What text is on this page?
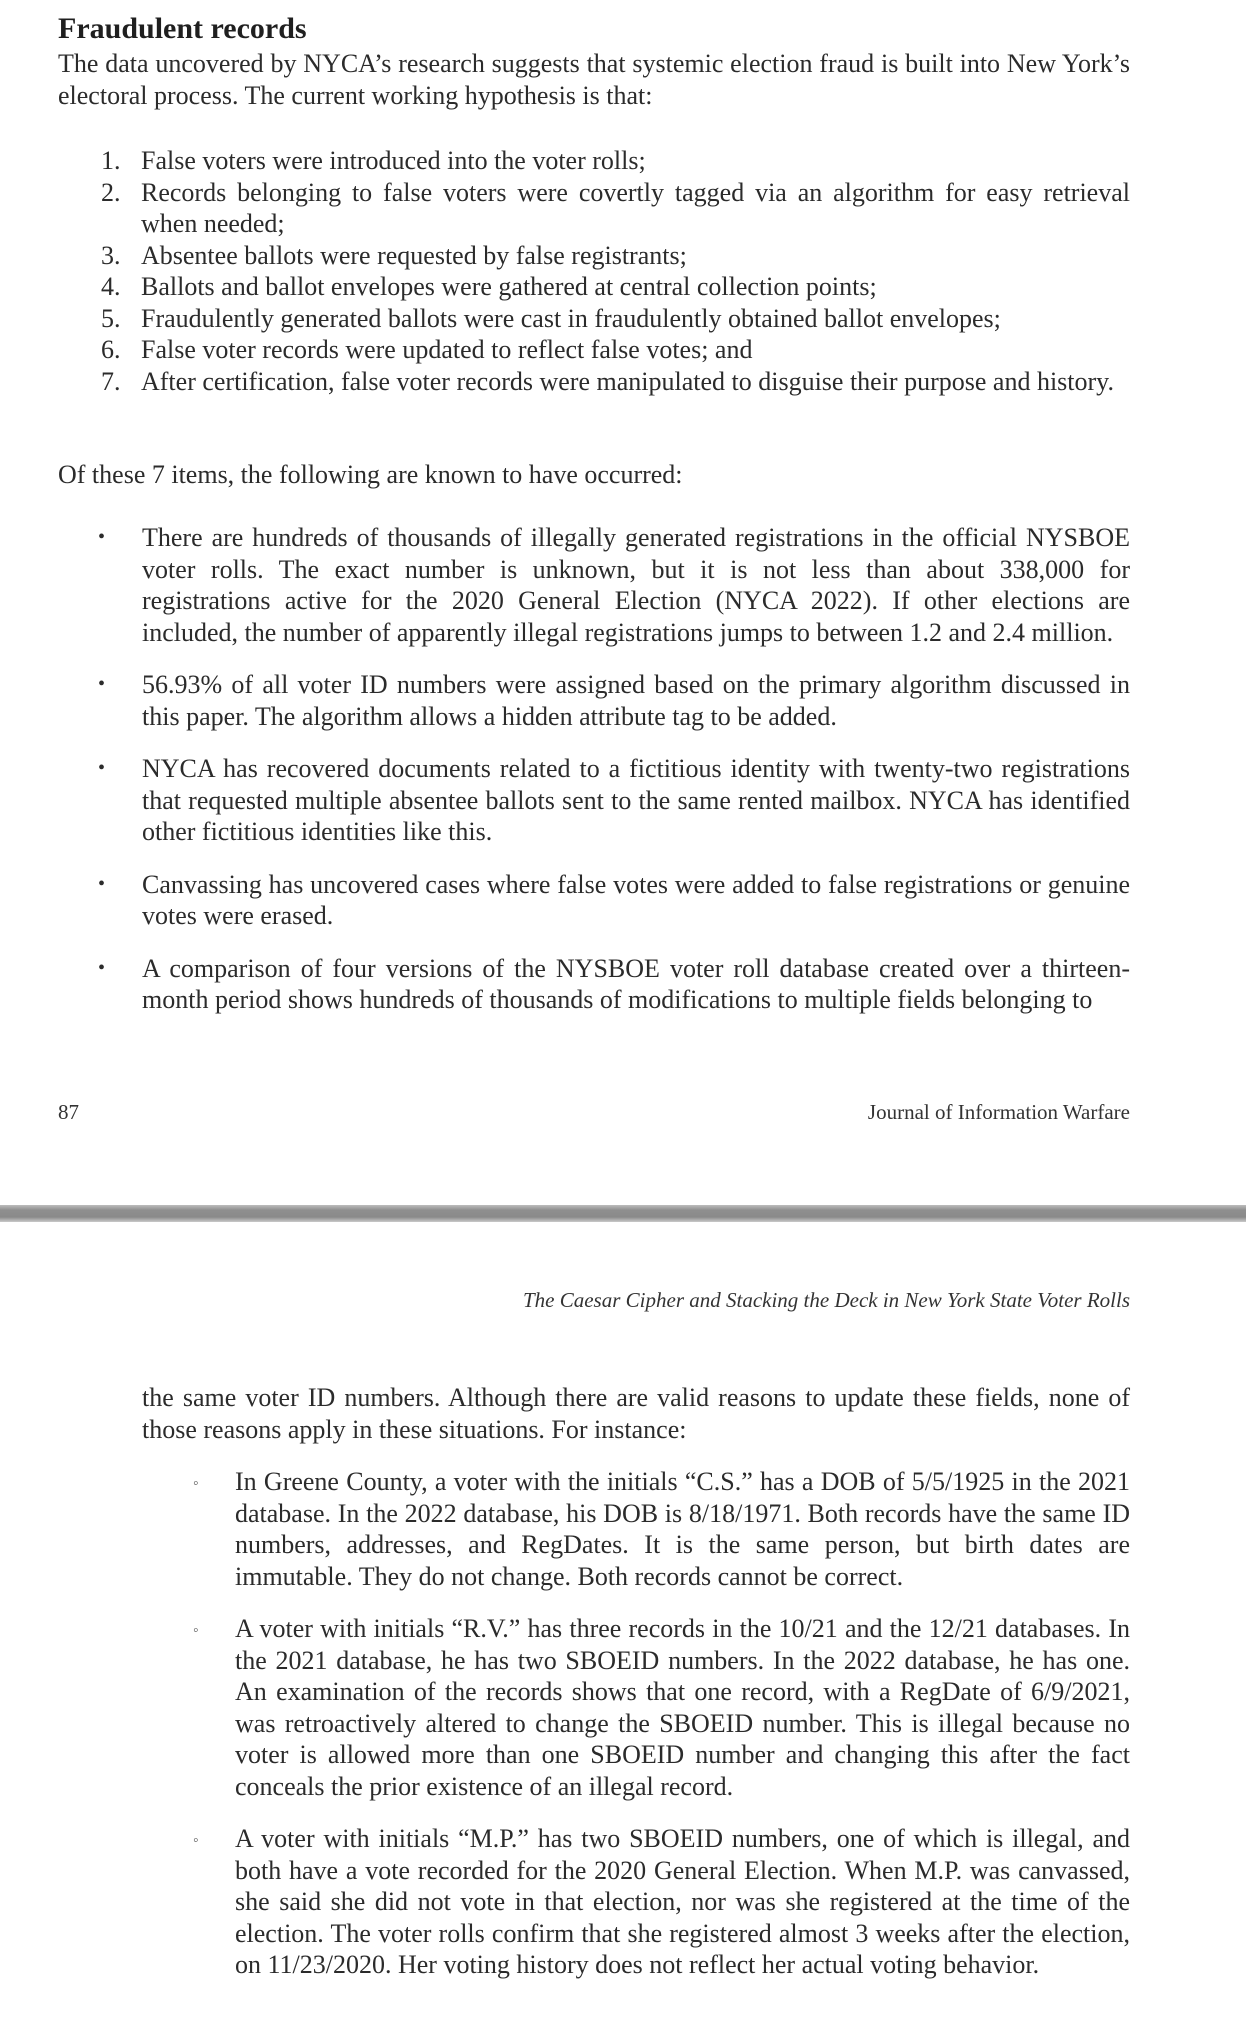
Fraudulent records

The data uncovered by NYCA’s research suggests that systemic election fraud is built into New York’s electoral process. The current working hypothesis is that:

1. False voters were introduced into the voter rolls;
2. Records belonging to false voters were covertly tagged via an algorithm for easy retrieval when needed;
3. Absentee ballots were requested by false registrants;
4. Ballots and ballot envelopes were gathered at central collection points;
5. Fraudulently generated ballots were cast in fraudulently obtained ballot envelopes;
6. False voter records were updated to reflect false votes; and
7. After certification, false voter records were manipulated to disguise their purpose and history.

Of these 7 items, the following are known to have occurred:

• There are hundreds of thousands of illegally generated registrations in the official NYSBOE voter rolls. The exact number is unknown, but it is not less than about 338,000 for registrations active for the 2020 General Election (NYCA 2022). If other elections are included, the number of apparently illegal registrations jumps to between 1.2 and 2.4 million.
• 56.93% of all voter ID numbers were assigned based on the primary algorithm discussed in this paper. The algorithm allows a hidden attribute tag to be added.
• NYCA has recovered documents related to a fictitious identity with twenty-two registrations that requested multiple absentee ballots sent to the same rented mailbox. NYCA has identified other fictitious identities like this.
• Canvassing has uncovered cases where false votes were added to false registrations or genuine votes were erased.
• A comparison of four versions of the NYSBOE voter roll database created over a thirteen-month period shows hundreds of thousands of modifications to multiple fields belonging to
87	Journal of Information Warfare
The Caesar Cipher and Stacking the Deck in New York State Voter Rolls

the same voter ID numbers. Although there are valid reasons to update these fields, none of those reasons apply in these situations. For instance:

◦ In Greene County, a voter with the initials “C.S.” has a DOB of 5/5/1925 in the 2021 database. In the 2022 database, his DOB is 8/18/1971. Both records have the same ID numbers, addresses, and RegDates. It is the same person, but birth dates are immutable. They do not change. Both records cannot be correct.
◦ A voter with initials “R.V.” has three records in the 10/21 and the 12/21 databases. In the 2021 database, he has two SBOEID numbers. In the 2022 database, he has one. An examination of the records shows that one record, with a RegDate of 6/9/2021, was retroactively altered to change the SBOEID number. This is illegal because no voter is allowed more than one SBOEID number and changing this after the fact conceals the prior existence of an illegal record.
◦ A voter with initials “M.P.” has two SBOEID numbers, one of which is illegal, and both have a vote recorded for the 2020 General Election. When M.P. was canvassed, she said she did not vote in that election, nor was she registered at the time of the election. The voter rolls confirm that she registered almost 3 weeks after the election, on 11/23/2020. Her voting history does not reflect her actual voting behavior.
